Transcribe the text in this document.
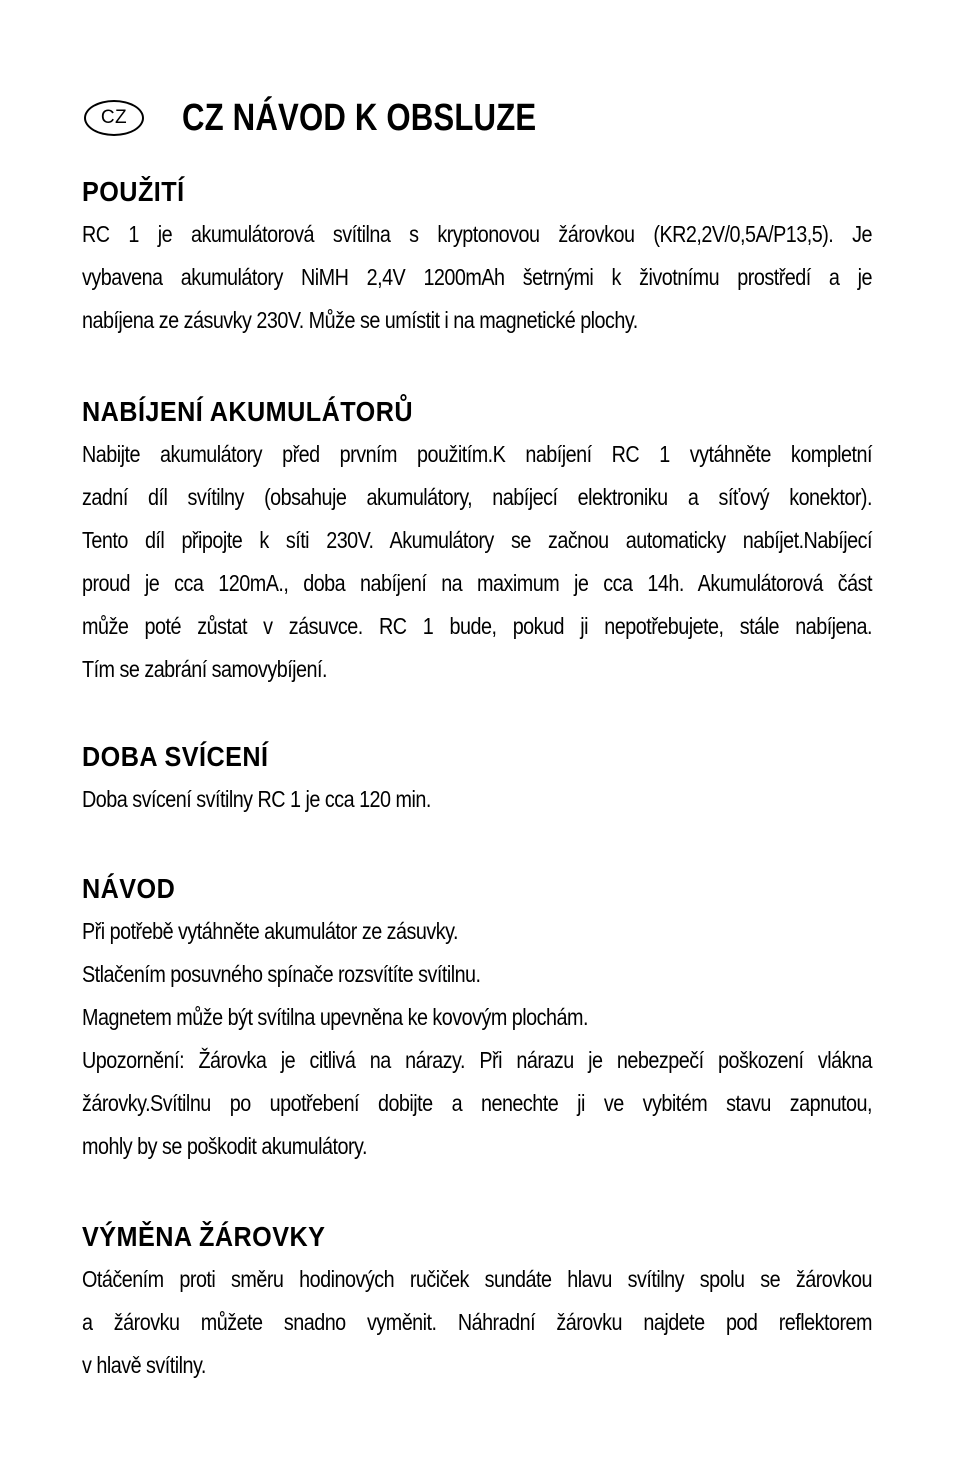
CZ	CZ NÁVOD K OBSLUZE
POUŽITÍ
RC 1 je akumulátorová svítilna s kryptonovou žárovkou (KR2,2V/0,5A/P13,5). Je
vybavena akumulátory NiMH 2,4V 1200mAh šetrnými k životnímu prostředí a je
nabíjena ze zásuvky 230V. Může se umístit i na magnetické plochy.
NABÍJENÍ AKUMULÁTORŮ
Nabijte akumulátory před prvním použitím.K nabíjení RC 1 vytáhněte kompletní
zadní díl svítilny (obsahuje akumulátory, nabíjecí elektroniku a síťový konektor).
Tento díl připojte k síti 230V. Akumulátory se začnou automaticky nabíjet.Nabíjecí
proud je cca 120mA., doba nabíjení na maximum je cca 14h. Akumulátorová část
může poté zůstat v zásuvce. RC 1 bude, pokud ji nepotřebujete, stále nabíjena.
Tím se zabrání samovybíjení.
DOBA SVÍCENÍ
Doba svícení svítilny RC 1 je cca 120 min.
NÁVOD
Při potřebě vytáhněte akumulátor ze zásuvky.
Stlačením posuvného spínače rozsvítíte svítilnu.
Magnetem může být svítilna upevněna ke kovovým plochám.
Upozornění: Žárovka je citlivá na nárazy. Při nárazu je nebezpečí poškození vlákna
žárovky.Svítilnu po upotřebení dobijte a nenechte ji ve vybitém stavu zapnutou,
mohly by se poškodit akumulátory.
VÝMĚNA ŽÁROVKY
Otáčením proti směru hodinových ručiček sundáte hlavu svítilny spolu se žárovkou
a žárovku můžete snadno vyměnit. Náhradní žárovku najdete pod reflektorem
v hlavě svítilny.
